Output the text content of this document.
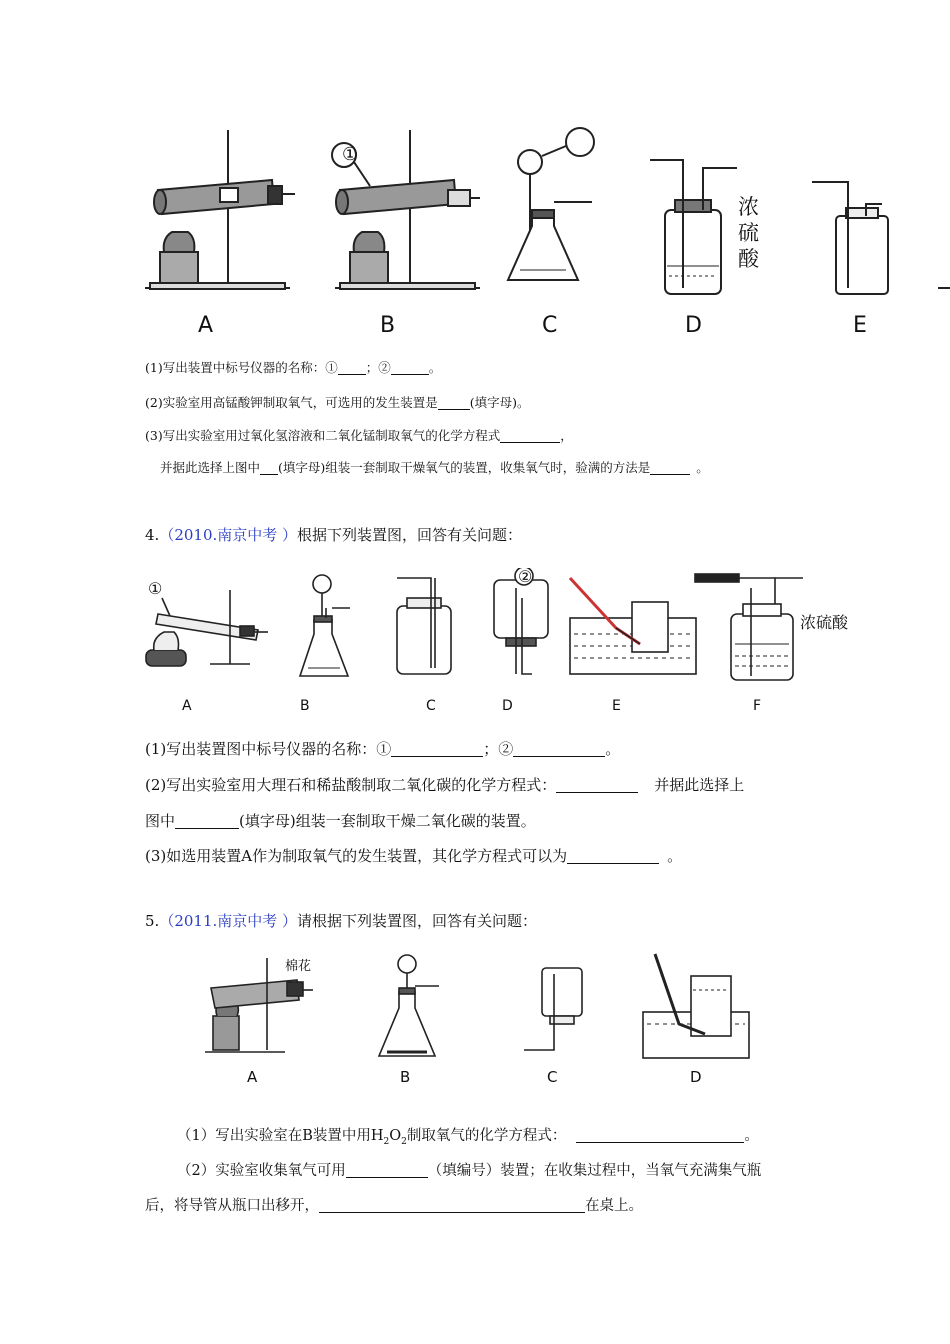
A
①
B	C
浓硫酸
D	E
(1)写出装置中标号仪器的名称：① ；②	。
(2)实验室用高锰酸钾制取氧气，可选用的发生装置是	(填字母)。
(3)写出实验室用过氧化氢溶液和二氧化锰制取氧气的化学方程式	，
并据此选择上图中 (填字母)组装一套制取干燥氧气的装置，收集氧气时，验满的方法是	。
4.（2010.南京中考 ）根据下列装置图，回答有关问题：
①
A	B	C
②
D	E
浓硫酸
F
(1)写出装置图中标号仪器的名称：①	；②	。
(2)写出实验室用大理石和稀盐酸制取二氧化碳的化学方程式：	并据此选择上
图中	(填字母)组装一套制取干燥二氧化碳的装置。
(3)如选用装置A作为制取氧气的发生装置，其化学方程式可以为	。
5.（2011.南京中考 ）请根据下列装置图，回答有关问题：
棉花
A	B	C	D
（1）写出实验室在B装置中用$H_2O_2$制取氧气的化学方程式：	。
（2）实验室收集氧气可用	（填编号）装置；在收集过程中，当氧气充满集气瓶
后，将导管从瓶口出移开，	在桌上。
